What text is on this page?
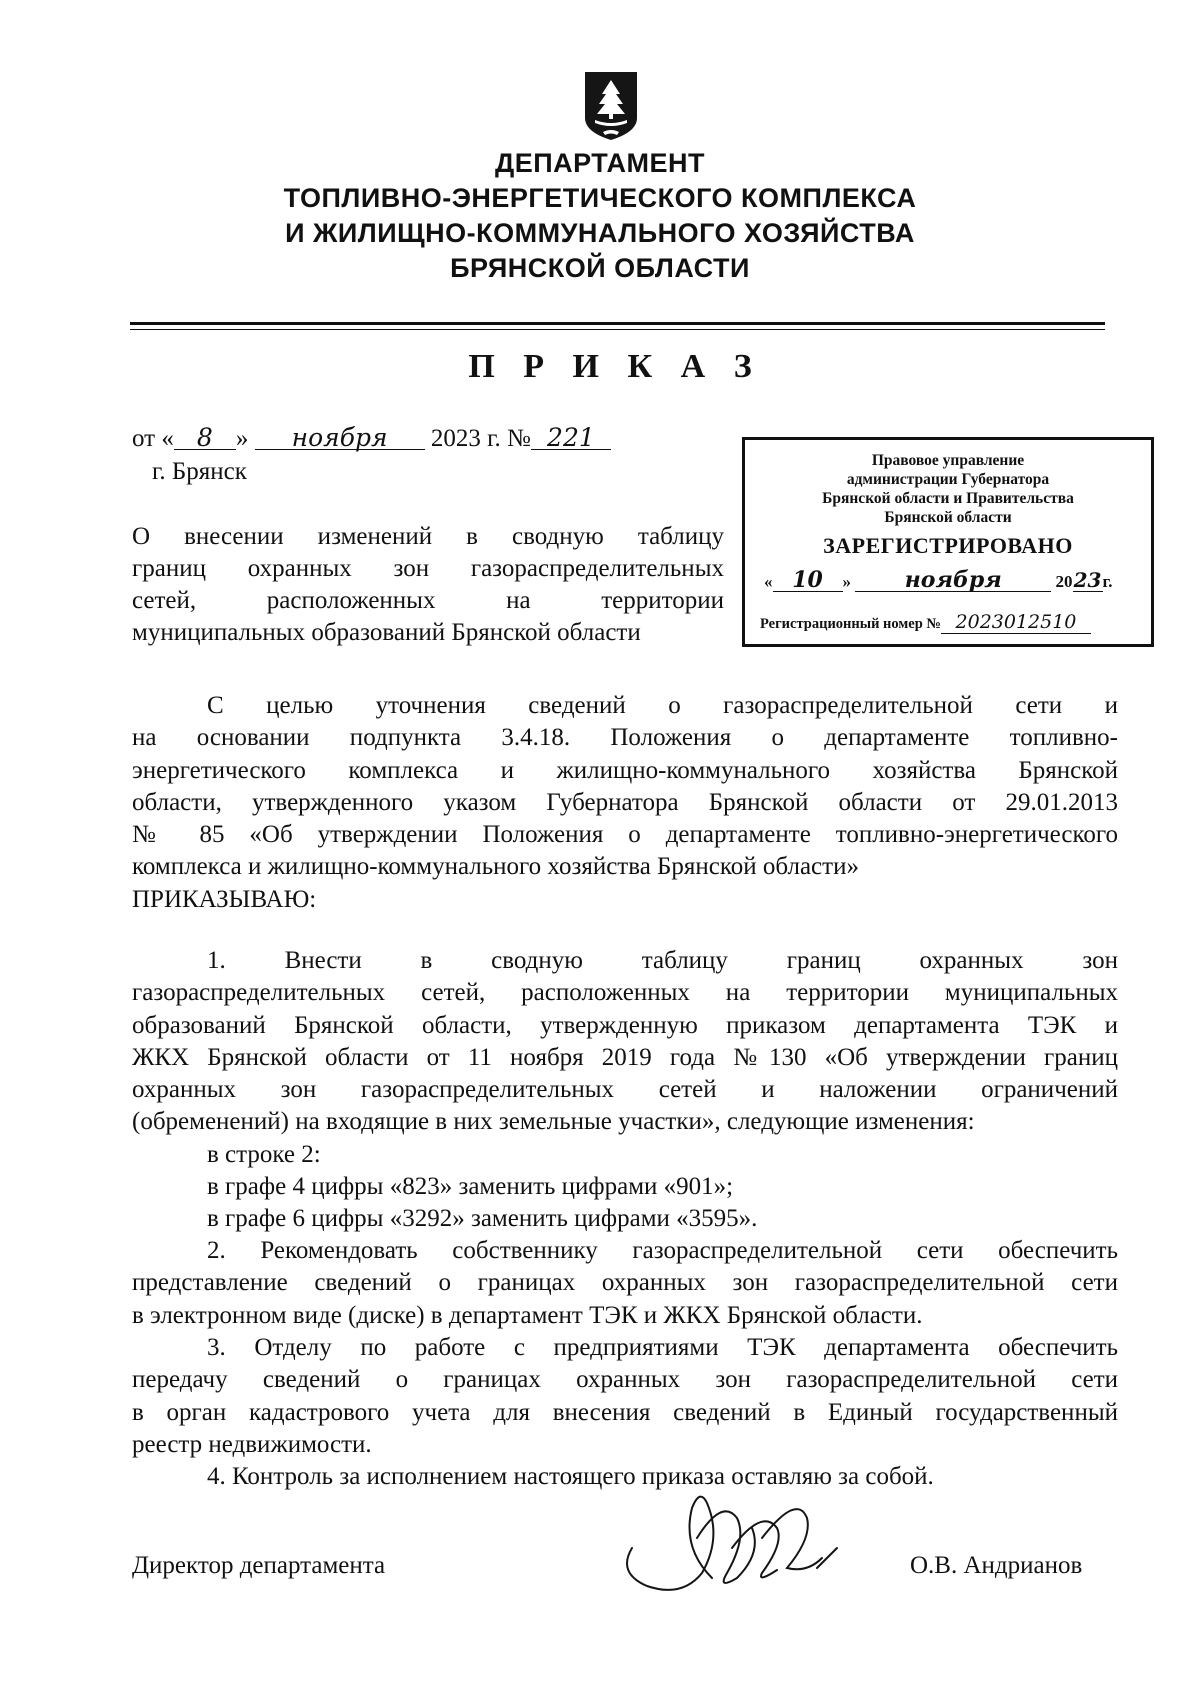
ДЕПАРТАМЕНТ
ТОПЛИВНО-ЭНЕРГЕТИЧЕСКОГО КОМПЛЕКСА
И ЖИЛИЩНО-КОММУНАЛЬНОГО ХОЗЯЙСТВА
БРЯНСКОЙ ОБЛАСТИ
П Р И К А З
от « 8 » ноября 2023 г. № 221
г. Брянск	Правовое управление
администрации Губернатора
Брянской области и Правительства
Брянской области
ЗАРЕГИСТРИРОВАНО
« 10 » ноября	2023г.
Регистрационный номер № 2023012510
О внесении изменений в сводную таблицу
границ охранных зон газораспределительных
сетей, расположенных на территории
муниципальных образований Брянской области
С целью уточнения сведений о газораспределительной сети и
на основании подпункта 3.4.18. Положения о департаменте топливно-
энергетического комплекса и жилищно-коммунального хозяйства Брянской
области, утвержденного указом Губернатора Брянской области от 29.01.2013
№ 85 «Об утверждении Положения о департаменте топливно-энергетического
комплекса и жилищно-коммунального хозяйства Брянской области»
ПРИКАЗЫВАЮ:
1. Внести в сводную таблицу границ охранных зон
газораспределительных сетей, расположенных на территории муниципальных
образований Брянской области, утвержденную приказом департамента ТЭК и
ЖКХ Брянской области от 11 ноября 2019 года №130 «Об утверждении границ
охранных зон газораспределительных сетей и наложении ограничений
(обременений) на входящие в них земельные участки», следующие изменения:
в строке 2:
в графе 4 цифры «823» заменить цифрами «901»;
в графе 6 цифры «3292» заменить цифрами «3595».
2. Рекомендовать собственнику газораспределительной сети обеспечить
представление сведений о границах охранных зон газораспределительной сети
в электронном виде (диске) в департамент ТЭК и ЖКХ Брянской области.
3. Отделу по работе с предприятиями ТЭК департамента обеспечить
передачу сведений о границах охранных зон газораспределительной сети
в орган кадастрового учета для внесения сведений в Единый государственный
реестр недвижимости.
4. Контроль за исполнением настоящего приказа оставляю за собой.
Директор департамента	О.В. Андрианов
